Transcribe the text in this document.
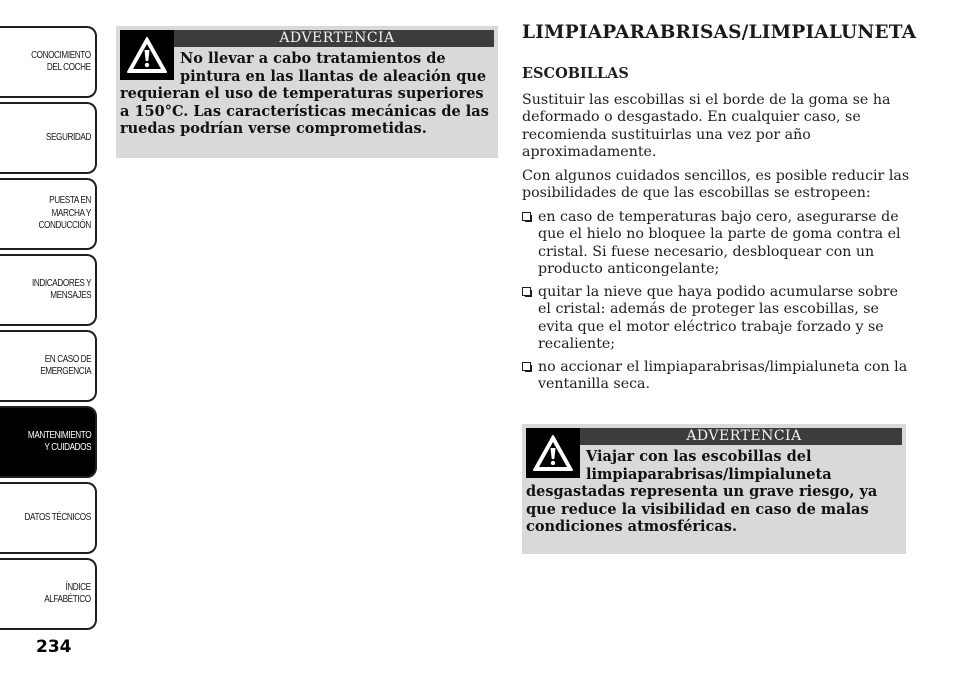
CONOCIMIENTO
DEL COCHE
SEGURIDAD
PUESTA EN
MARCHA Y
CONDUCCIÓN
INDICADORES Y
MENSAJES
EN CASO DE
EMERGENCIA
MANTENIMIENTO
Y CUIDADOS
DATOS TÉCNICOS
ÍNDICE
ALFABÉTICO
234
ADVERTENCIA
No llevar a cabo tratamientos de pintura en las llantas de aleación que requieran el uso de temperaturas superiores a 150°C. Las características mecánicas de las ruedas podrían verse comprometidas.
LIMPIAPARABRISAS/LIMPIALUNETA
ESCOBILLAS

Sustituir las escobillas si el borde de la goma se ha deformado o desgastado. En cualquier caso, se recomienda sustituirlas una vez por año aproximadamente.

Con algunos cuidados sencillos, es posible reducir las posibilidades de que las escobillas se estropeen:

en caso de temperaturas bajo cero, asegurarse de que el hielo no bloquee la parte de goma contra el cristal. Si fuese necesario, desbloquear con un producto anticongelante;
quitar la nieve que haya podido acumularse sobre el cristal: además de proteger las escobillas, se evita que el motor eléctrico trabaje forzado y se recaliente;
no accionar el limpiaparabrisas/limpialuneta con la ventanilla seca.
ADVERTENCIA
Viajar con las escobillas del limpiaparabrisas/limpialuneta desgastadas representa un grave riesgo, ya que reduce la visibilidad en caso de malas condiciones atmosféricas.
